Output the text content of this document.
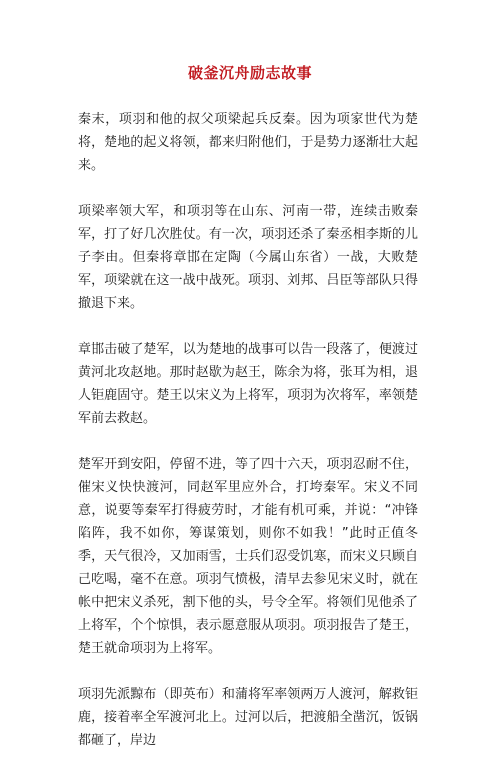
破釜沉舟励志故事

秦末，项羽和他的叔父项梁起兵反秦。因为项家世代为楚将，楚地的起义将领，都来归附他们，于是势力逐渐壮大起来。

项梁率领大军，和项羽等在山东、河南一带，连续击败秦军，打了好几次胜仗。有一次，项羽还杀了秦丞相李斯的儿子李由。但秦将章邯在定陶（今属山东省）一战，大败楚军，项梁就在这一战中战死。项羽、刘邦、吕臣等部队只得撤退下来。

章邯击破了楚军，以为楚地的战事可以告一段落了，便渡过黄河北攻赵地。那时赵歇为赵王，陈余为将，张耳为相，退人钜鹿固守。楚王以宋义为上将军，项羽为次将军，率领楚军前去救赵。

楚军开到安阳，停留不进，等了四十六天，项羽忍耐不住，催宋义快快渡河，同赵军里应外合，打垮秦军。宋义不同意，说要等秦军打得疲劳时，才能有机可乘，并说：“冲锋陷阵，我不如你，筹谋策划，则你不如我！”此时正值冬季，天气很冷，又加雨雪，士兵们忍受饥寒，而宋义只顾自己吃喝，毫不在意。项羽气愤极，清早去参见宋义时，就在帐中把宋义杀死，割下他的头，号令全军。将领们见他杀了上将军，个个惊惧，表示愿意服从项羽。项羽报告了楚王，楚王就命项羽为上将军。

项羽先派黥布（即英布）和蒲将军率领两万人渡河，解救钜鹿，接着率全军渡河北上。过河以后，把渡船全凿沉，饭锅都砸了，岸边
